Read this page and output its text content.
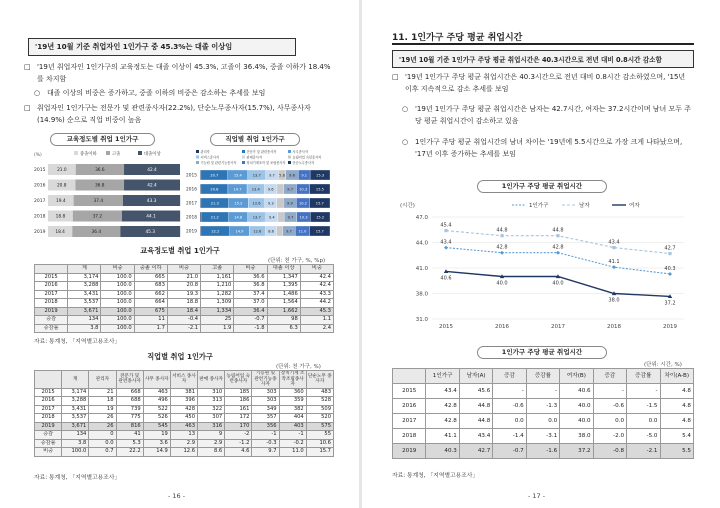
'19년 10월 기준 취업자인 1인가구 중 45.3%는 대졸 이상임
□ '19년 취업자인 1인가구의 교육정도는 대졸 이상이 45.3%, 고졸이 36.4%, 중졸 이하가 18.4%를 차지함
○ 대졸 이상의 비중은 증가하고, 중졸 이하의 비중은 감소하는 추세를 보임
□ 취업자인 1인가구는 전문가 및 관련종사자(22.2%), 단순노무종사자(15.7%), 사무종사자(14.9%) 순으로 직업 비중이 높음
교육정도별 취업 1인가구	직업별 취업 1인가구
2015	21.0	36.6	42.4
2016	20.8	36.8	42.4
2017 19.4	37.4	43.3
2018 18.8	37.2	44.1
2019 18.4	36.4	45.3
(%)	중졸이하	고졸	대졸이상
2015	20.7	15.4	13.7 9.7 5.8 9.6 9.1 15.3
2016	20.8	14.7	13.4 9.6	9.7 10.3 15.5
2017	21.3	15.2	12.6 9.3	9.9 10.2 15.7
2018	21.2	14.8	13.7 9.4	9.7 10.3 15.2
2019	22.2	14.9	12.6 8.6	9.7 11.0	15.7
관리자	전문가 및 관련종사자	사무종사자
서비스종사자	판매종사자	농림어업 숙련종사자
기능원 및 관련기능종사자	장치기계조작 및 조립종사자 단순노무종사자
교육정도별 취업 1인가구
(단위: 천 가구, %, %p)
	계	비중	중졸 이하	비중	고졸	비중	대졸 이상	비중
2015	3,174	100.0	665	21.0	1,161	36.6	1,347	42.4
2016	3,288	100.0	683	20.8	1,210	36.8	1,395	42.4
2017	3,431	100.0	662	19.3	1,282	37.4	1,486	43.3
2018	3,537	100.0	664	18.8	1,309	37.0	1,564	44.2
2019	3,671	100.0	675	18.4	1,334	36.4	1,662	45.3
증감	134	100.0	11	-0.4	25	-0.7	98	1.1
증감률	3.8	100.0	1.7	-2.1	1.9	-1.8	6.3	2.4
자료: 통계청, 「지역별고용조사」
직업별 취업 1인가구
(단위: 천 가구, %)
	계	관리자	전문가 및 관련종사자	사무 종사자	서비스 종사자	판매 종사자	농림어업 숙련종사자	기능원 및 관련기능종사자	장치기계 조작조립종사자	단순노무 종사자
2015	3,174	21	668	463	381	310	185	303	360	483
2016	3,288	18	688	496	396	313	186	303	359	528
2017	3,431	19	739	522	428	322	161	349	382	509
2018	3,537	26	775	526	450	307	172	357	404	520
2019	3,671	26	816	545	463	316	170	356	403	575
증감	134	0	41	19	13	9	-2	-1	-1	55
증감률	3.8	0.0	5.3	3.6	2.9	2.9	-1.2	-0.3	-0.2	10.6
비중	100.0	0.7	22.2	14.9	12.6	8.6	4.6	9.7	11.0	15.7
자료: 통계청, 「지역별고용조사」
- 16 -
11. 1인가구 주당 평균 취업시간
'19년 10월 기준 1인가구 주당 평균 취업시간은 40.3시간으로 전년 대비 0.8시간 감소함
□ '19년 1인가구 주당 평균 취업시간은 40.3시간으로 전년 대비 0.8시간 감소하였으며, '15년 이후 지속적으로 감소 추세를 보임
○ '19년 1인가구 주당 평균 취업시간은 남자는 42.7시간, 여자는 37.2시간이며 남녀 모두 주당 평균 취업시간이 감소하고 있음
○ 1인가구 주당 평균 취업시간의 남녀 차이는 '19년에 5.5시간으로 가장 크게 나타났으며, '17년 이후 증가하는 추세를 보임
1인가구 주당 평균 취업시간
47.0
44.0
41.0
38.0
31.0
2015	2016	2017	2018	2019
43.4
42.8	42.8
41.1
40.3
45.4
44.8	44.8
43.4
42.7
40.6
40.0	40.0
38.0	37.2
(시간)	1인가구	남자	여자
1인가구 주당 평균 취업시간
(단위: 시간, %)
	1인가구	남자(A)	증감	증감률	여자(B)	증감	증감률	차이(A-B)
2015	43.4	45.6	-	-	40.6	-	-	4.8
2016	42.8	44.8	-0.6	-1.3	40.0	-0.6	-1.5	4.8
2017	42.8	44.8	0.0	0.0	40.0	0.0	0.0	4.8
2018	41.1	43.4	-1.4	-3.1	38.0	-2.0	-5.0	5.4
2019	40.3	42.7	-0.7	-1.6	37.2	-0.8	-2.1	5.5
자료: 통계청, 「지역별고용조사」
- 17 -
